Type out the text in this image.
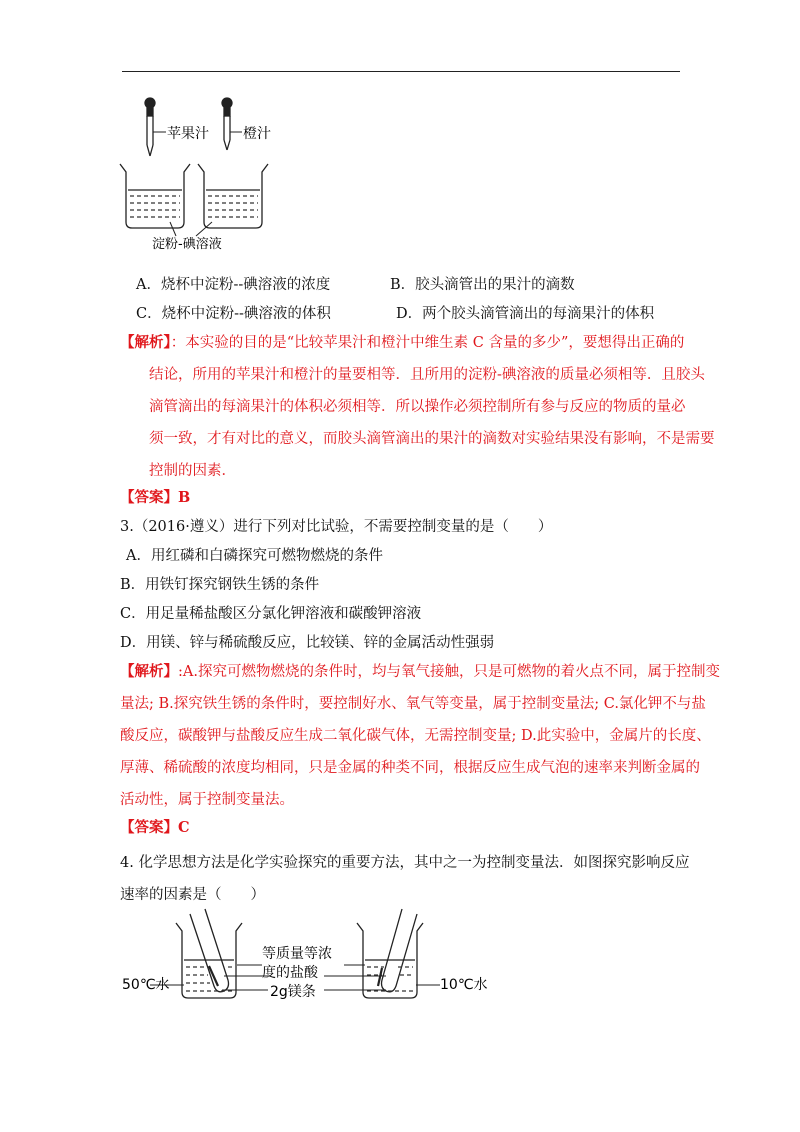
苹果汁 橙汁
淀粉-碘溶液
A．烧杯中淀粉--碘溶液的浓度	B．胶头滴管出的果汁的滴数
C．烧杯中淀粉--碘溶液的体积	D．两个胶头滴管滴出的每滴果汁的体积
【解析】：本实验的目的是“比较苹果汁和橙汁中维生素 C 含量的多少”，要想得出正确的
结论，所用的苹果汁和橙汁的量要相等．且所用的淀粉-碘溶液的质量必须相等．且胶头
滴管滴出的每滴果汁的体积必须相等．所以操作必须控制所有参与反应的物质的量必
须一致，才有对比的意义，而胶头滴管滴出的果汁的滴数对实验结果没有影响，不是需要
控制的因素．
【答案】B
3.（2016·遵义）进行下列对比试验，不需要控制变量的是（　　）
A．用红磷和白磷探究可燃物燃烧的条件
B．用铁钉探究钢铁生锈的条件
C．用足量稀盐酸区分氯化钾溶液和碳酸钾溶液
D．用镁、锌与稀硫酸反应，比较镁、锌的金属活动性强弱
【解析】:A.探究可燃物燃烧的条件时，均与氧气接触，只是可燃物的着火点不同，属于控制变
量法; B.探究铁生锈的条件时，要控制好水、氧气等变量，属于控制变量法; C.氯化钾不与盐
酸反应，碳酸钾与盐酸反应生成二氧化碳气体，无需控制变量; D.此实验中，金属片的长度、
厚薄、稀硫酸的浓度均相同，只是金属的种类不同，根据反应生成气泡的速率来判断金属的
活动性，属于控制变量法。
【答案】C
4. 化学思想方法是化学实验探究的重要方法，其中之一为控制变量法．如图探究影响反应
速率的因素是（　　）
等质量等浓
度的盐酸
2g镁条
50℃水	10℃水
